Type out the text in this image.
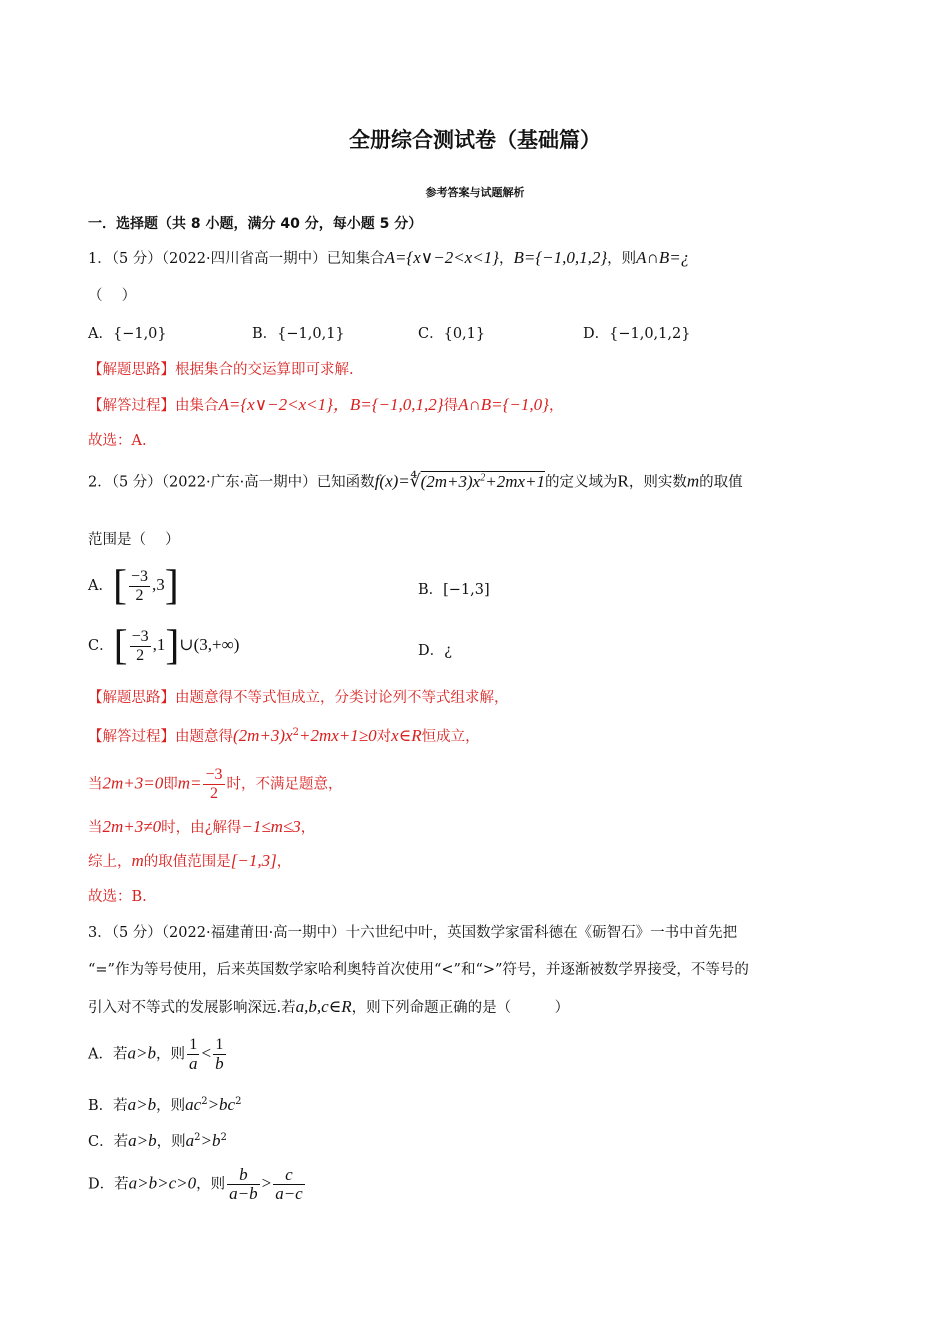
全册综合测试卷（基础篇）
参考答案与试题解析
一．选择题（共 8 小题，满分 40 分，每小题 5 分）
1．（5 分）（2022·四川省高一期中）已知集合A={x∨−2<x<1}，B={−1,0,1,2}，则A∩B=¿
（　 ）
A．{−1,0}	B．{−1,0,1}	C．{0,1}	D．{−1,0,1,2}
【解题思路】根据集合的交运算即可求解.
【解答过程】由集合A={x∨−2<x<1}，B={−1,0,1,2}得A∩B={−1,0}，
故选：A.
2．（5 分）（2022·广东·高一期中）已知函数$f(x)=∜(2m+3)x^2+2mx+1$的定义域为R，则实数m的取值
范围是（　 ）
A．[ $\frac{-3}{2} ,3$]	B．[−1,3]
C．[ $\frac{-3}{2}$ ,1]∪(3,+∞)	D．¿
【解题思路】由题意得不等式恒成立，分类讨论列不等式组求解，
【解答过程】由题意得$(2m+3)x^2+2mx+1\ge 0$对x∈R恒成立，
当2m+3=0即$m= \frac{-3}{2}$ 时，不满足题意，
当2m+3≠0时，由¿解得−1≤m≤3，
综上，m的取值范围是[−1,3]，
故选：B.
3．（5 分）（2022·福建莆田·高一期中）十六世纪中叶，英国数学家雷科德在《砺智石》一书中首先把
“=”作为等号使用，后来英国数学家哈利奥特首次使用“<”和“>”符号，并逐渐被数学界接受，不等号的
引入对不等式的发展影响深远.若a,b,c∈R，则下列命题正确的是（　　　）
A．若a>b，则 $\frac{1}{a} < \frac{1}{b}$
B．若a>b，则$ac^2>bc^2$
C．若a>b，则$a^2>b^2$
D．若a>b>c>0，则 $\frac{b}{a-b} > \frac{c}{a-c}$
